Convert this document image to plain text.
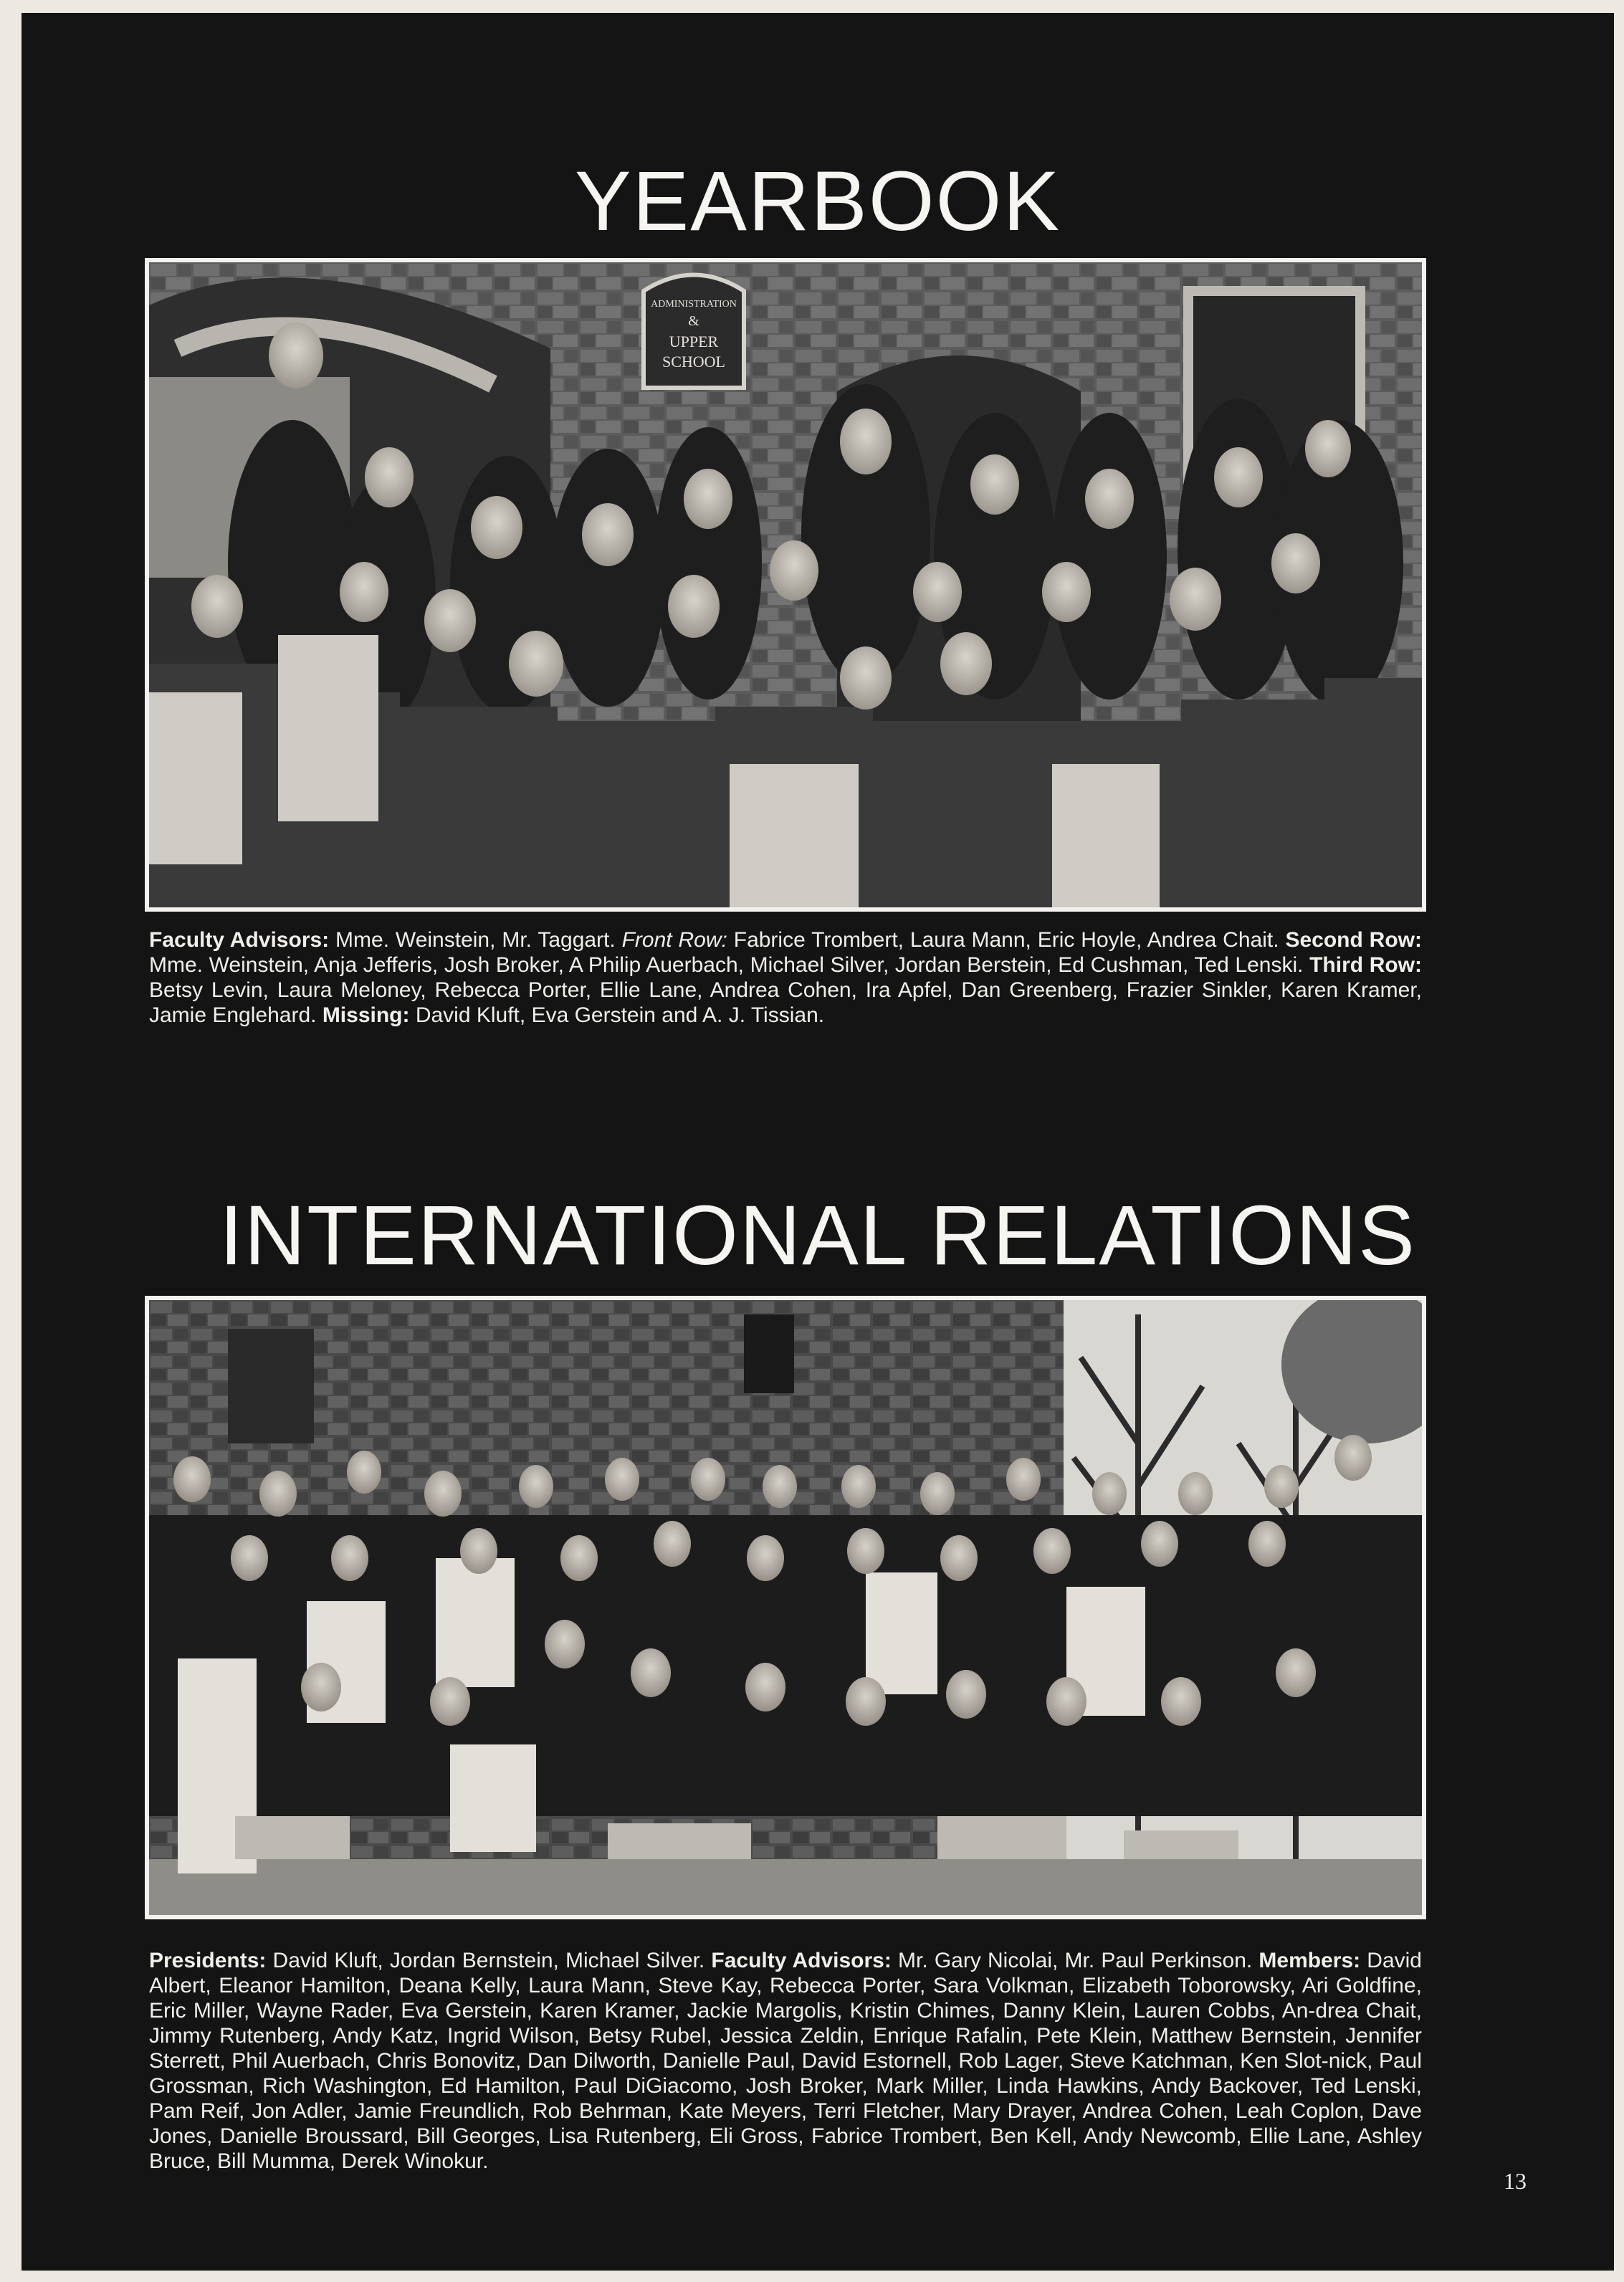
YEARBOOK
ADMINISTRATION
&
UPPER
SCHOOL

Faculty Advisors: Mme. Weinstein, Mr. Taggart. Front Row: Fabrice Trombert, Laura Mann, Eric Hoyle, Andrea Chait. Second Row: Mme. Weinstein, Anja Jefferis, Josh Broker, A Philip Auerbach, Michael Silver, Jordan Berstein, Ed Cushman, Ted Lenski. Third Row: Betsy Levin, Laura Meloney, Rebecca Porter, Ellie Lane, Andrea Cohen, Ira Apfel, Dan Greenberg, Frazier Sinkler, Karen Kramer, Jamie Englehard. Missing: David Kluft, Eva Gerstein and A. J. Tissian.

INTERNATIONAL RELATIONS

Presidents: David Kluft, Jordan Bernstein, Michael Silver. Faculty Advisors: Mr. Gary Nicolai, Mr. Paul Perkinson. Members: David Albert, Eleanor Hamilton, Deana Kelly, Laura Mann, Steve Kay, Rebecca Porter, Sara Volkman, Elizabeth Toborowsky, Ari Goldfine, Eric Miller, Wayne Rader, Eva Gerstein, Karen Kramer, Jackie Margolis, Kristin Chimes, Danny Klein, Lauren Cobbs, An-drea Chait, Jimmy Rutenberg, Andy Katz, Ingrid Wilson, Betsy Rubel, Jessica Zeldin, Enrique Rafalin, Pete Klein, Matthew Bernstein, Jennifer Sterrett, Phil Auerbach, Chris Bonovitz, Dan Dilworth, Danielle Paul, David Estornell, Rob Lager, Steve Katchman, Ken Slot-nick, Paul Grossman, Rich Washington, Ed Hamilton, Paul DiGiacomo, Josh Broker, Mark Miller, Linda Hawkins, Andy Backover, Ted Lenski, Pam Reif, Jon Adler, Jamie Freundlich, Rob Behrman, Kate Meyers, Terri Fletcher, Mary Drayer, Andrea Cohen, Leah Coplon, Dave Jones, Danielle Broussard, Bill Georges, Lisa Rutenberg, Eli Gross, Fabrice Trombert, Ben Kell, Andy Newcomb, Ellie Lane, Ashley Bruce, Bill Mumma, Derek Winokur.

13
